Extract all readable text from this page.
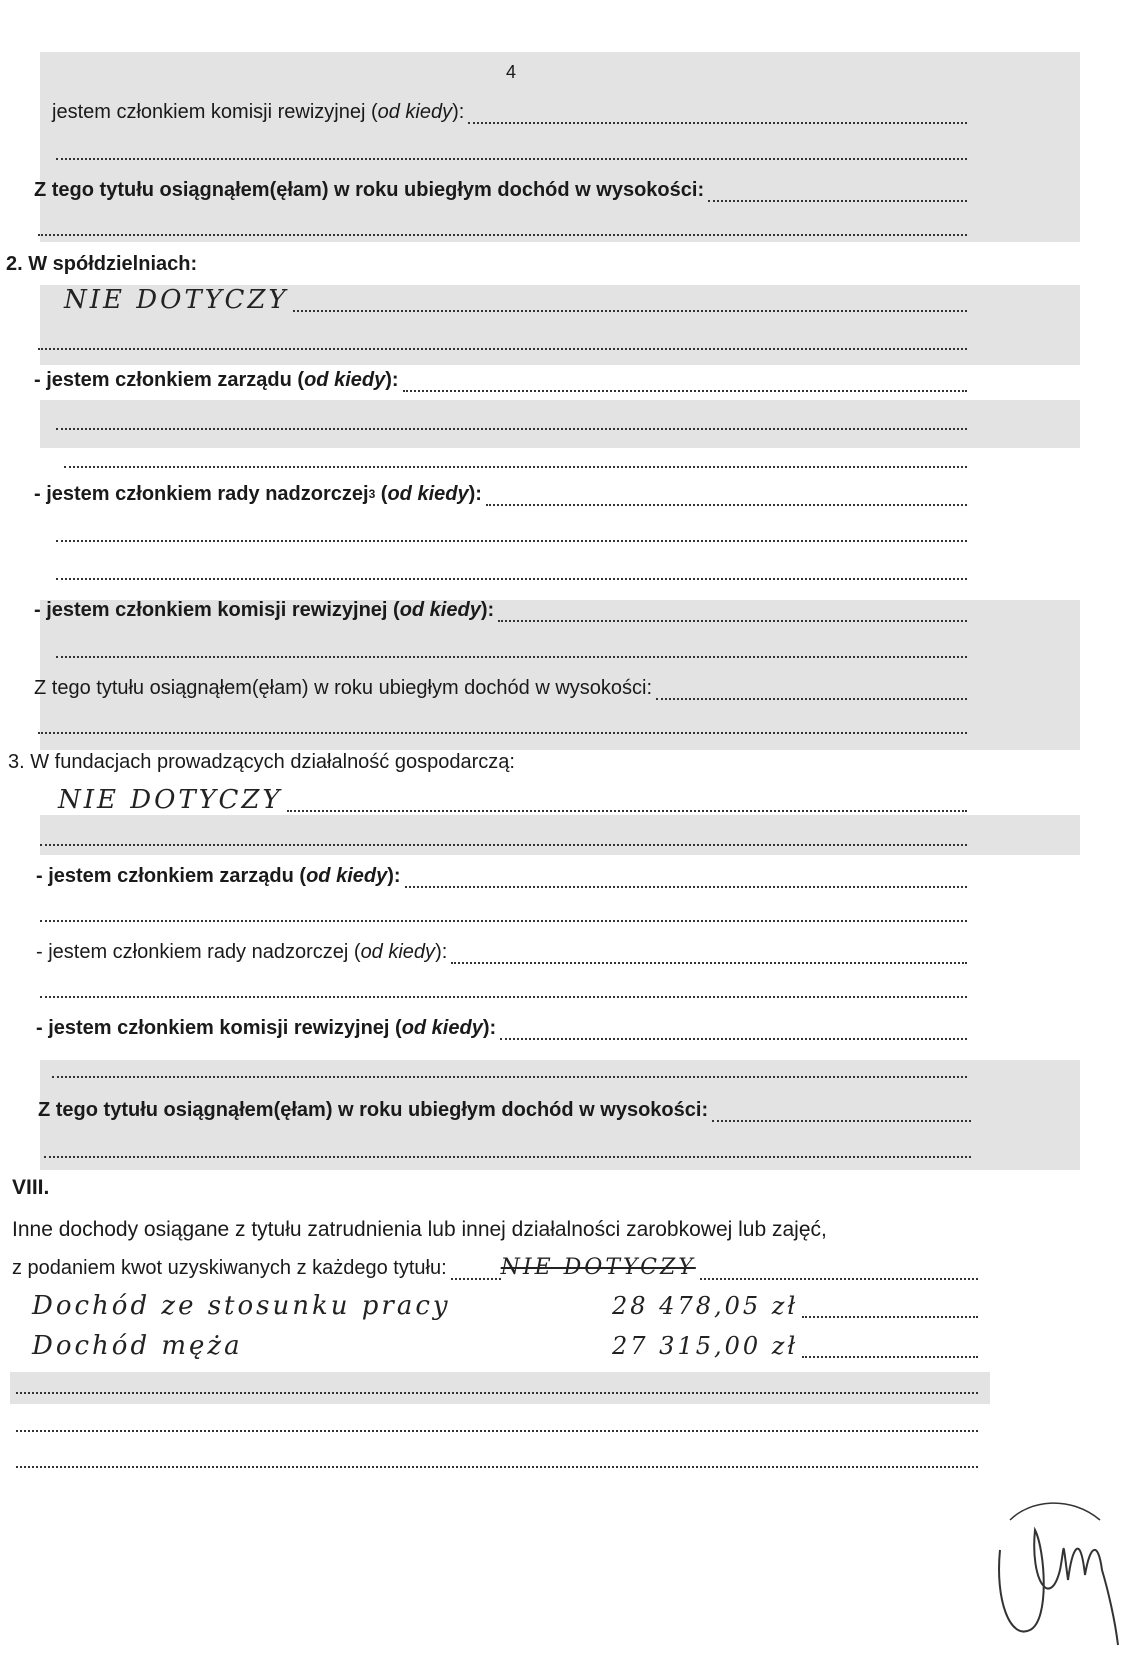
4
jestem członkiem komisji rewizyjnej ( od kiedy ):
Z tego tytułu osiągnąłem(ęłam) w roku ubiegłym dochód w wysokości:
2. W spółdzielniach:
NIE DOTYCZY
- jestem członkiem zarządu ( od kiedy ):
- jestem członkiem rady nadzorczej 3 ( od kiedy ):
- jestem członkiem komisji rewizyjnej ( od kiedy ):
Z tego tytułu osiągnąłem(ęłam) w roku ubiegłym dochód w wysokości:
3. W fundacjach prowadzących działalność gospodarczą:
NIE DOTYCZY
- jestem członkiem zarządu ( od kiedy ):
- jestem członkiem rady nadzorczej ( od kiedy ):
- jestem członkiem komisji rewizyjnej ( od kiedy ):
Z tego tytułu osiągnąłem(ęłam) w roku ubiegłym dochód w wysokości:
VIII.
Inne dochody osiągane z tytułu zatrudnienia lub innej działalności zarobkowej lub zajęć,
z podaniem kwot uzyskiwanych z każdego tytułu: NIE DOTYCZY
Dochód ze stosunku pracy	28 478,05 zł
Dochód męża	27 315,00 zł
